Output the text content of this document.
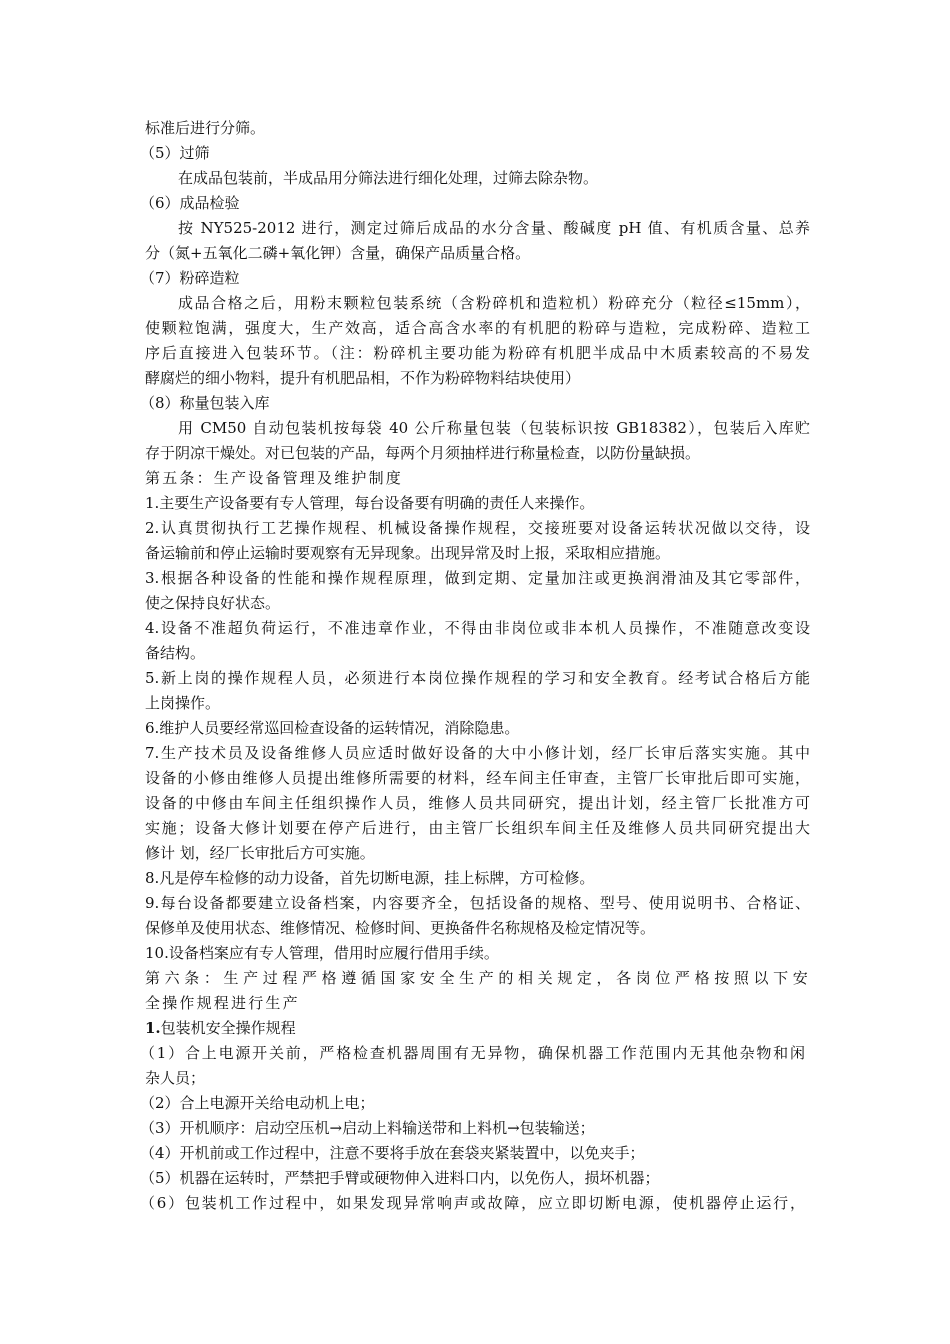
标准后进行分筛。
（5）过筛
在成品包装前，半成品用分筛法进行细化处理，过筛去除杂物。
（6）成品检验
按 NY525-2012 进行，测定过筛后成品的水分含量、酸碱度 pH 值、有机质含量、总养
分（氮+五氧化二磷+氧化钾）含量，确保产品质量合格。
（7）粉碎造粒
成品合格之后，用粉末颗粒包装系统（含粉碎机和造粒机）粉碎充分（粒径≤15mm），
使颗粒饱满，强度大，生产效高，适合高含水率的有机肥的粉碎与造粒，完成粉碎、造粒工
序后直接进入包装环节。（注：粉碎机主要功能为粉碎有机肥半成品中木质素较高的不易发
酵腐烂的细小物料，提升有机肥品相，不作为粉碎物料结块使用）
（8）称量包装入库
用 CM50 自动包装机按每袋 40 公斤称量包装（包装标识按 GB18382），包装后入库贮
存于阴凉干燥处。对已包装的产品，每两个月须抽样进行称量检查，以防份量缺损。
第五条：生产设备管理及维护制度
1.主要生产设备要有专人管理，每台设备要有明确的责任人来操作。
2.认真贯彻执行工艺操作规程、机械设备操作规程，交接班要对设备运转状况做以交待，设
备运输前和停止运输时要观察有无异现象。出现异常及时上报，采取相应措施。
3.根据各种设备的性能和操作规程原理，做到定期、定量加注或更换润滑油及其它零部件，
使之保持良好状态。
4.设备不准超负荷运行，不准违章作业，不得由非岗位或非本机人员操作，不准随意改变设
备结构。
5.新上岗的操作规程人员，必须进行本岗位操作规程的学习和安全教育。经考试合格后方能
上岗操作。
6.维护人员要经常巡回检查设备的运转情况，消除隐患。
7.生产技术员及设备维修人员应适时做好设备的大中小修计划，经厂长审后落实实施。其中
设备的小修由维修人员提出维修所需要的材料，经车间主任审查，主管厂长审批后即可实施，
设备的中修由车间主任组织操作人员，维修人员共同研究，提出计划，经主管厂长批准方可
实施；设备大修计划要在停产后进行，由主管厂长组织车间主任及维修人员共同研究提出大
修计 划，经厂长审批后方可实施。
8.凡是停车检修的动力设备，首先切断电源，挂上标牌，方可检修。
9.每台设备都要建立设备档案，内容要齐全，包括设备的规格、型号、使用说明书、合格证、
保修单及使用状态、维修情况、检修时间、更换备件名称规格及检定情况等。
10.设备档案应有专人管理，借用时应履行借用手续。
第六条：生产过程严格遵循国家安全生产的相关规定，各岗位严格按照以下安
全操作规程进行生产
1.包装机安全操作规程
（1）合上电源开关前，严格检查机器周围有无异物，确保机器工作范围内无其他杂物和闲
杂人员；
（2）合上电源开关给电动机上电；
（3）开机顺序：启动空压机→启动上料输送带和上料机→包装输送；
（4）开机前或工作过程中，注意不要将手放在套袋夹紧装置中，以免夹手；
（5）机器在运转时，严禁把手臂或硬物伸入进料口内，以免伤人，损坏机器；
（6）包装机工作过程中，如果发现异常响声或故障，应立即切断电源，使机器停止运行，
